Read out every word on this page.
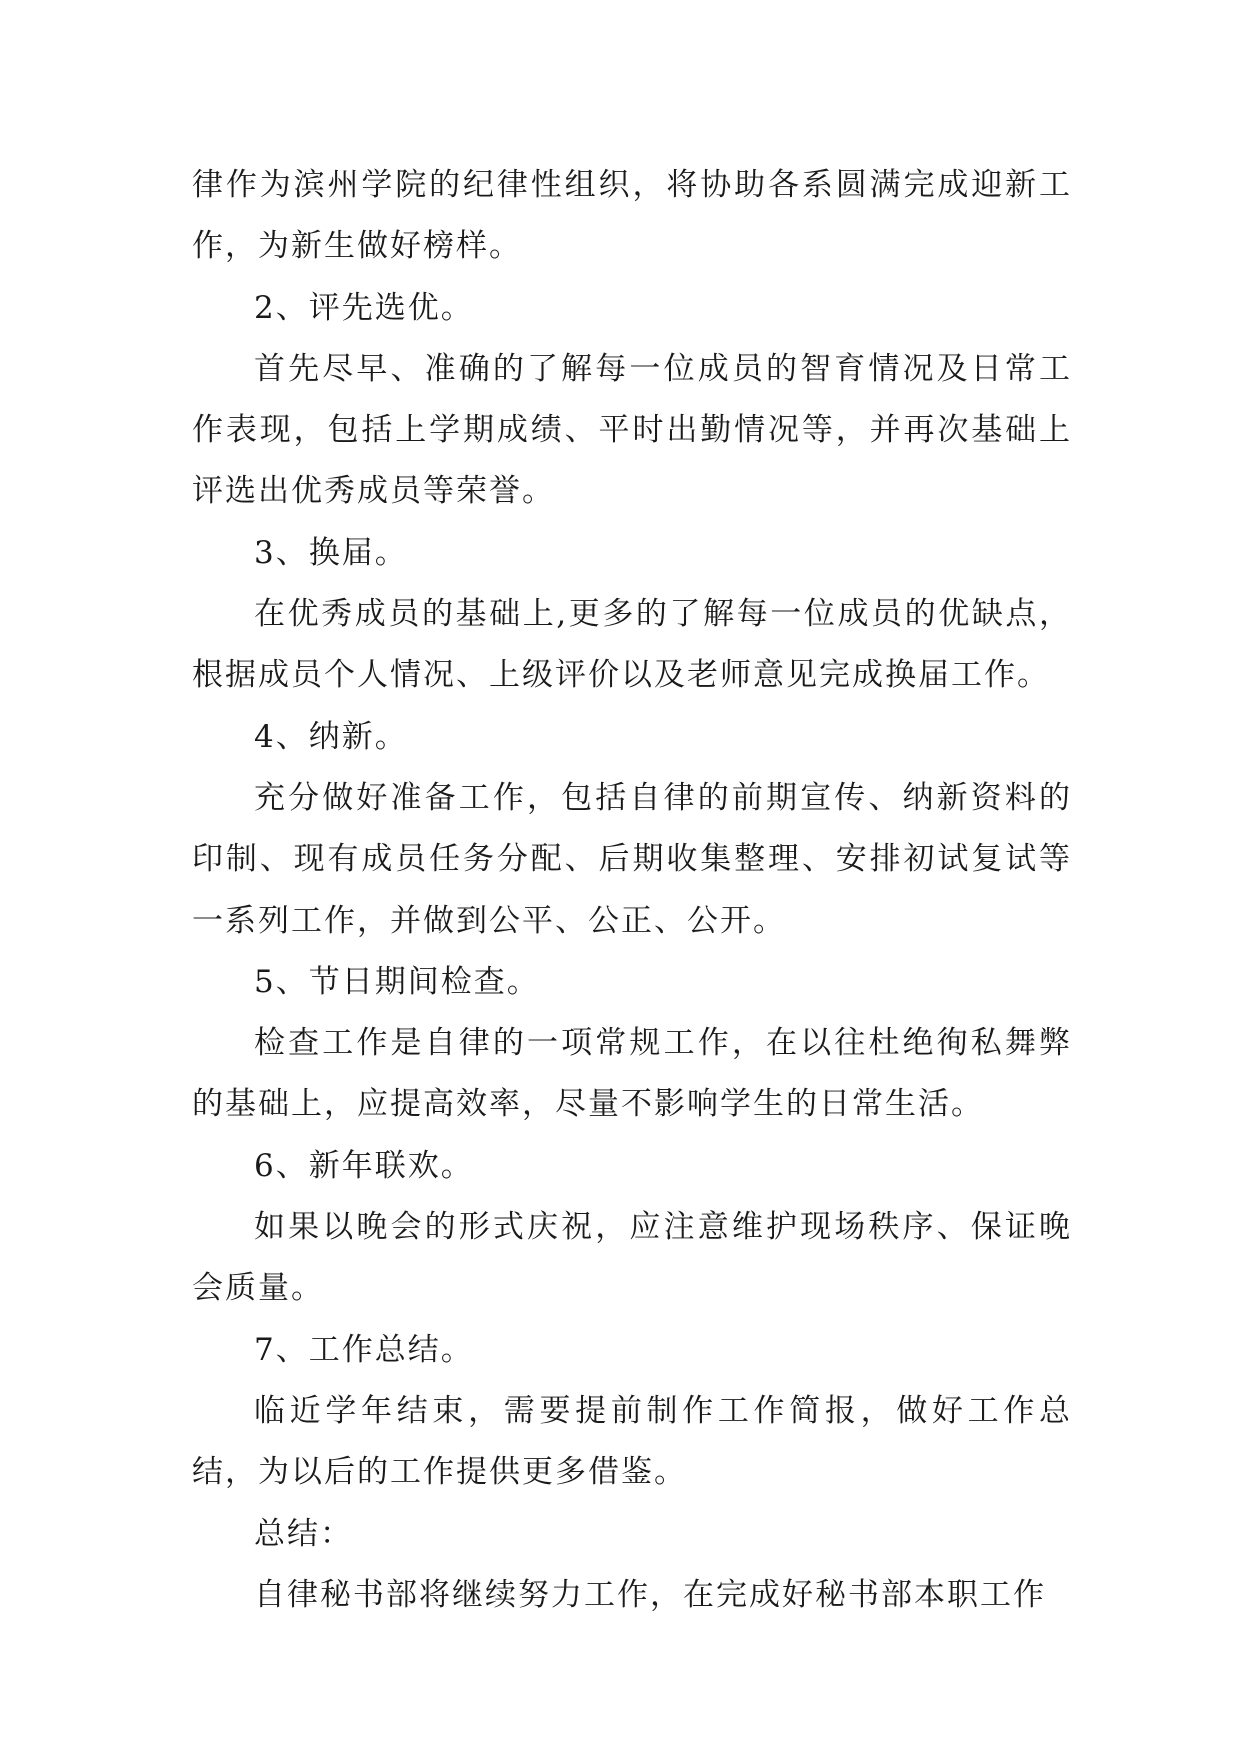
律作为滨州学院的纪律性组织，将协助各系圆满完成迎新工作，为新生做好榜样。

2、评先选优。

首先尽早、准确的了解每一位成员的智育情况及日常工作表现，包括上学期成绩、平时出勤情况等，并再次基础上评选出优秀成员等荣誉。

3、换届。

在优秀成员的基础上,更多的了解每一位成员的优缺点，根据成员个人情况、上级评价以及老师意见完成换届工作。

4、纳新。

充分做好准备工作，包括自律的前期宣传、纳新资料的印制、现有成员任务分配、后期收集整理、安排初试复试等一系列工作，并做到公平、公正、公开。

5、节日期间检查。

检查工作是自律的一项常规工作，在以往杜绝徇私舞弊的基础上，应提高效率，尽量不影响学生的日常生活。

6、新年联欢。

如果以晚会的形式庆祝，应注意维护现场秩序、保证晚会质量。

7、工作总结。

临近学年结束，需要提前制作工作简报，做好工作总结，为以后的工作提供更多借鉴。

总结：

自律秘书部将继续努力工作，在完成好秘书部本职工作
